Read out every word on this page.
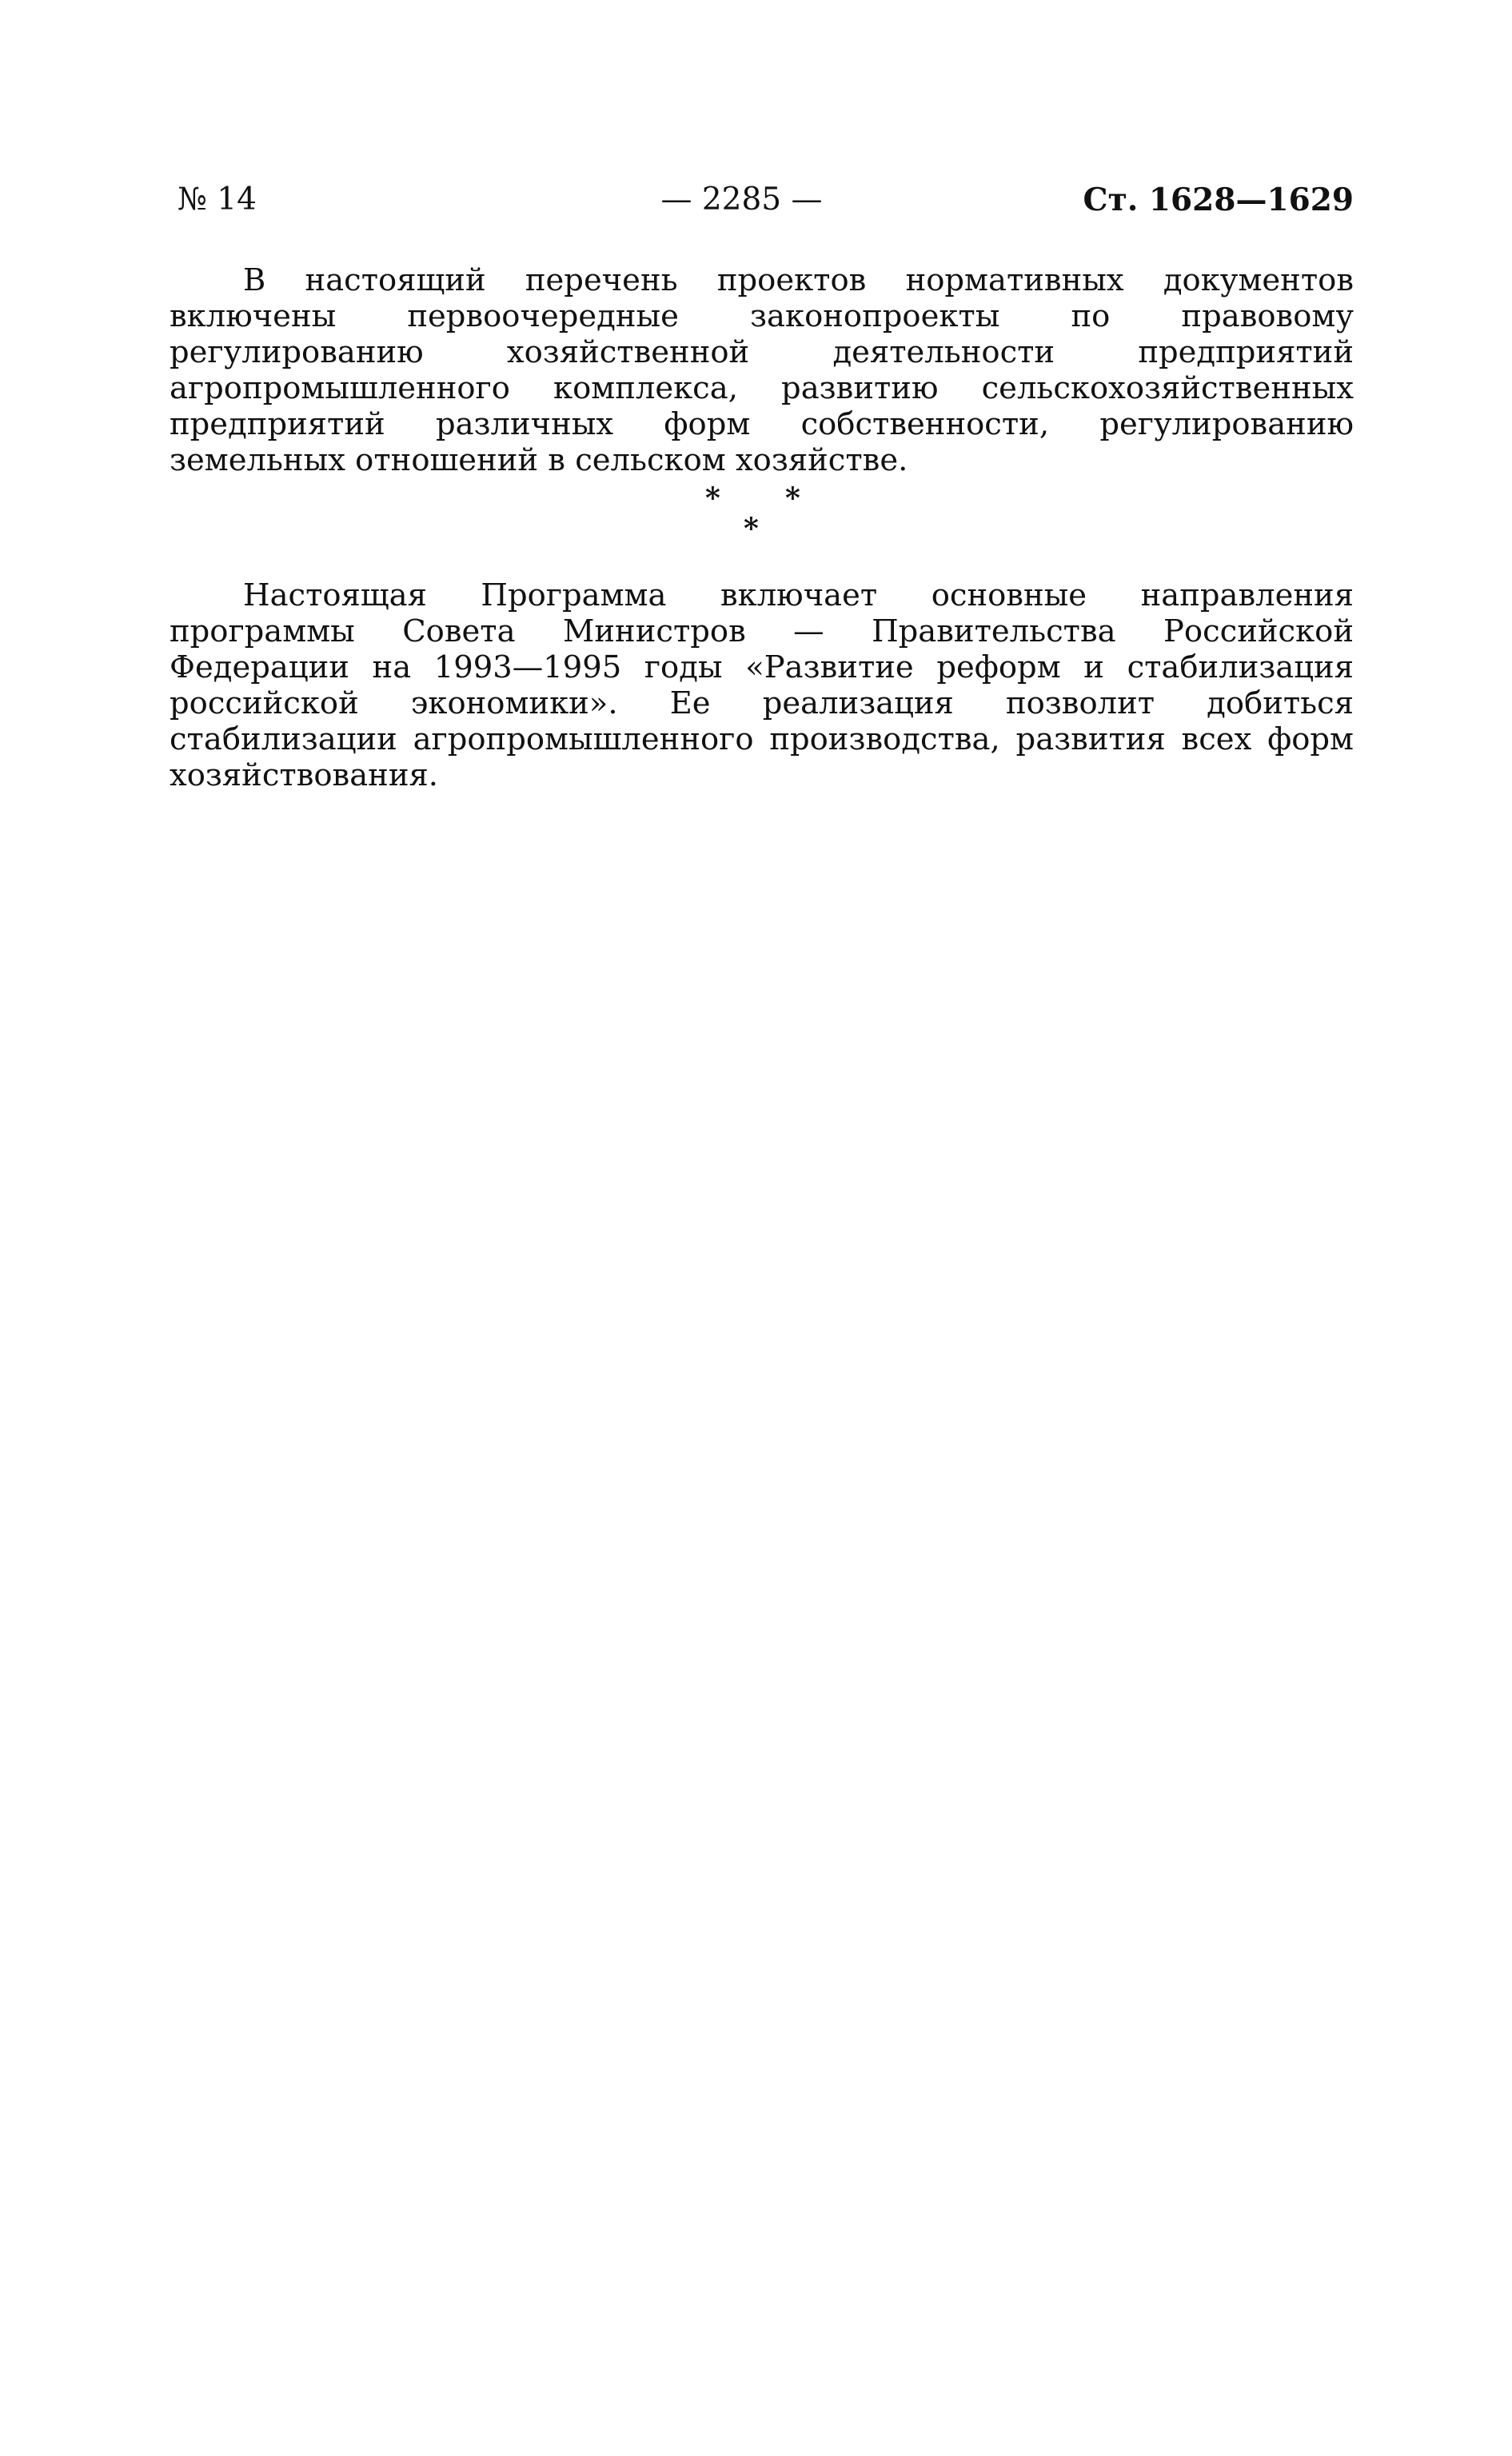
№ 14	— 2285 —	Ст. 1628—1629

В настоящий перечень проектов нормативных документов включены первоочередные законопроекты по правовому регулированию хозяйственной деятельности предприятий агропромышленного комплекса, развитию сельскохозяйственных предприятий различных форм собственности, регулированию земельных отношений в сельском хозяйстве.

* *
*

Настоящая Программа включает основные направления программы Совета Министров — Правительства Российской Федерации на 1993—1995 годы «Развитие реформ и стабилизация российской экономики». Ее реализация позволит добиться стабилизации агропромышленного производства, развития всех форм хозяйствования.
